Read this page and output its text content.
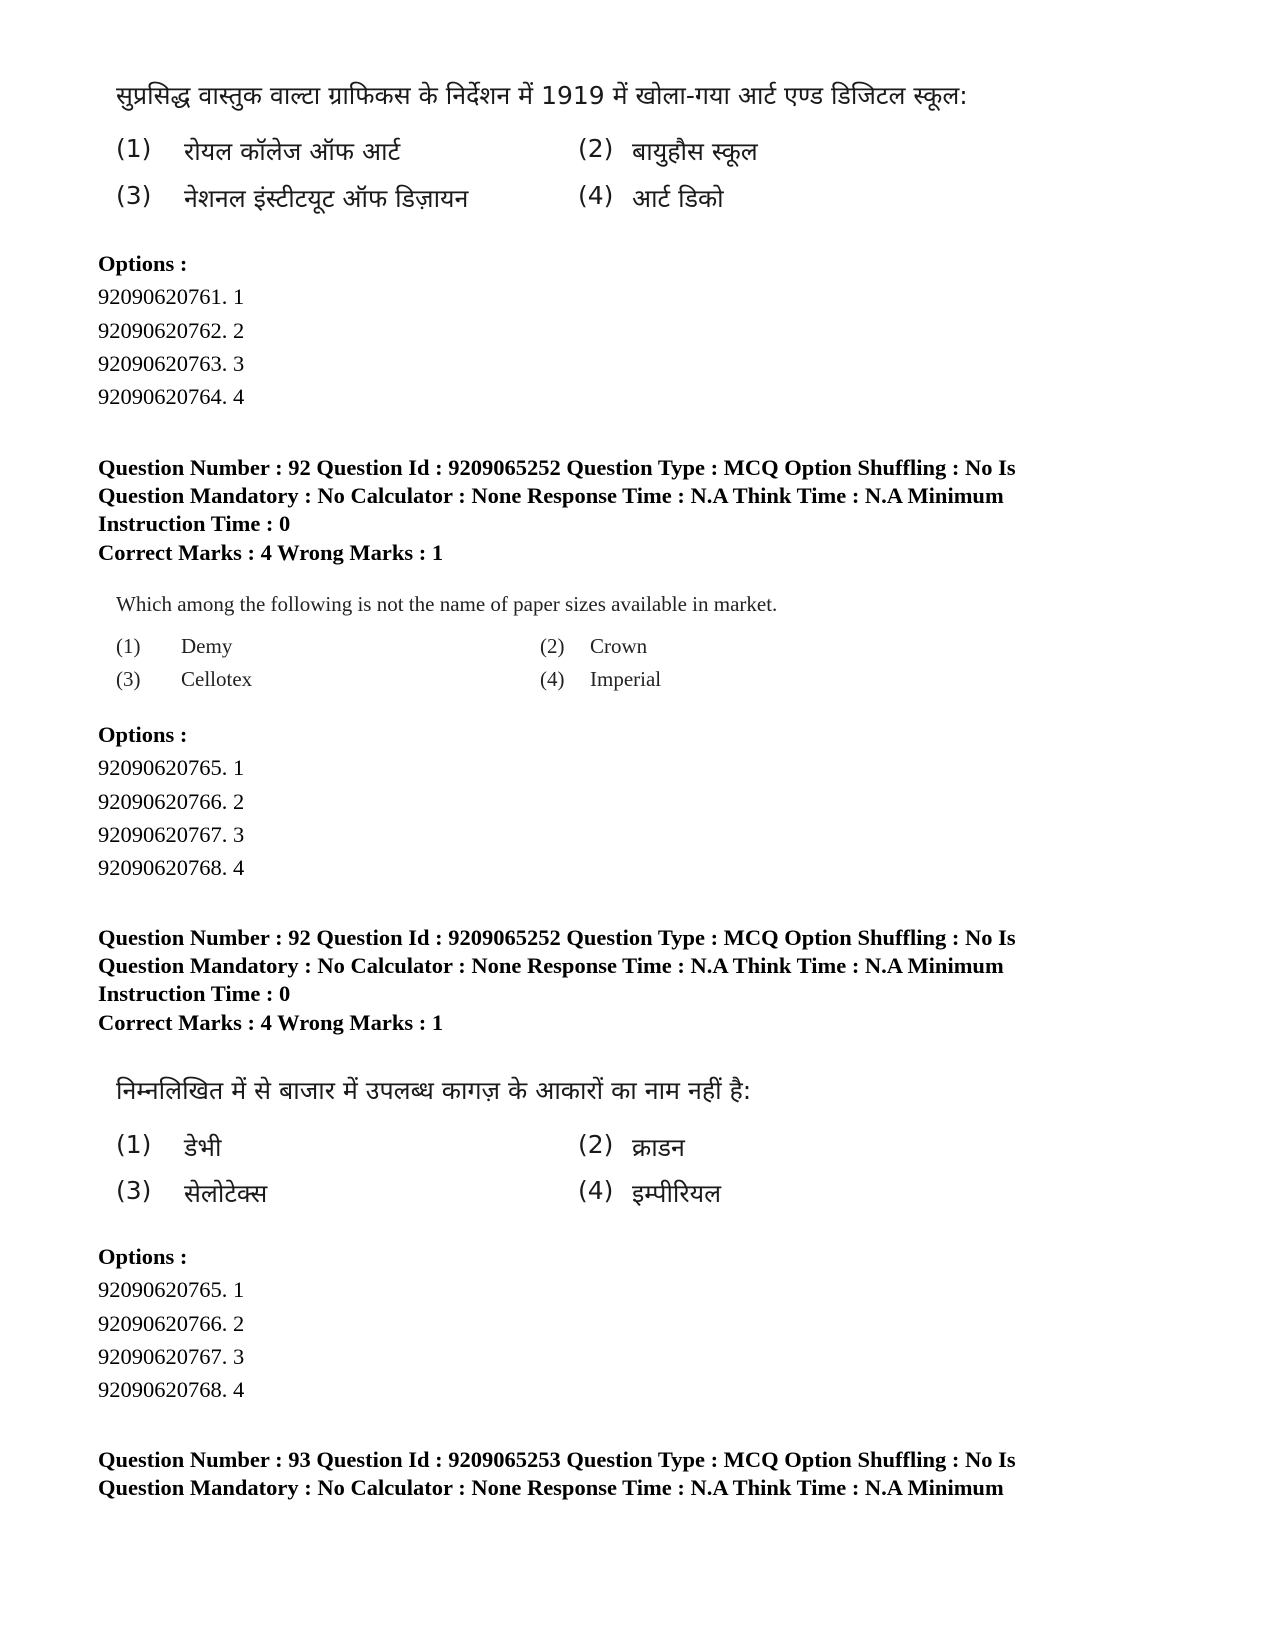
सुप्रसिद्ध वास्तुक वाल्टा ग्राफिकस के निर्देशन में 1919 में खोला-गया आर्ट एण्ड डिजिटल स्कूल:
(1) रोयल कॉलेज ऑफ आर्ट	(2) बायुहौस स्कूल
(3) नेशनल इंस्टीटयूट ऑफ डिज़ायन	(4) आर्ट डिको
Options :
92090620761. 1
92090620762. 2
92090620763. 3
92090620764. 4
Question Number : 92 Question Id : 9209065252 Question Type : MCQ Option Shuffling : No Is
Question Mandatory : No Calculator : None Response Time : N.A Think Time : N.A Minimum
Instruction Time : 0
Correct Marks : 4 Wrong Marks : 1
Which among the following is not the name of paper sizes available in market.
(1) Demy	(2) Crown
(3) Cellotex	(4) Imperial
Options :
92090620765. 1
92090620766. 2
92090620767. 3
92090620768. 4
Question Number : 92 Question Id : 9209065252 Question Type : MCQ Option Shuffling : No Is
Question Mandatory : No Calculator : None Response Time : N.A Think Time : N.A Minimum
Instruction Time : 0
Correct Marks : 4 Wrong Marks : 1
निम्नलिखित में से बाजार में उपलब्ध कागज़ के आकारों का नाम नहीं है:
(1) डेभी	(2) क्राडन
(3) सेलोटेक्स	(4) इम्पीरियल
Options :
92090620765. 1
92090620766. 2
92090620767. 3
92090620768. 4
Question Number : 93 Question Id : 9209065253 Question Type : MCQ Option Shuffling : No Is
Question Mandatory : No Calculator : None Response Time : N.A Think Time : N.A Minimum
